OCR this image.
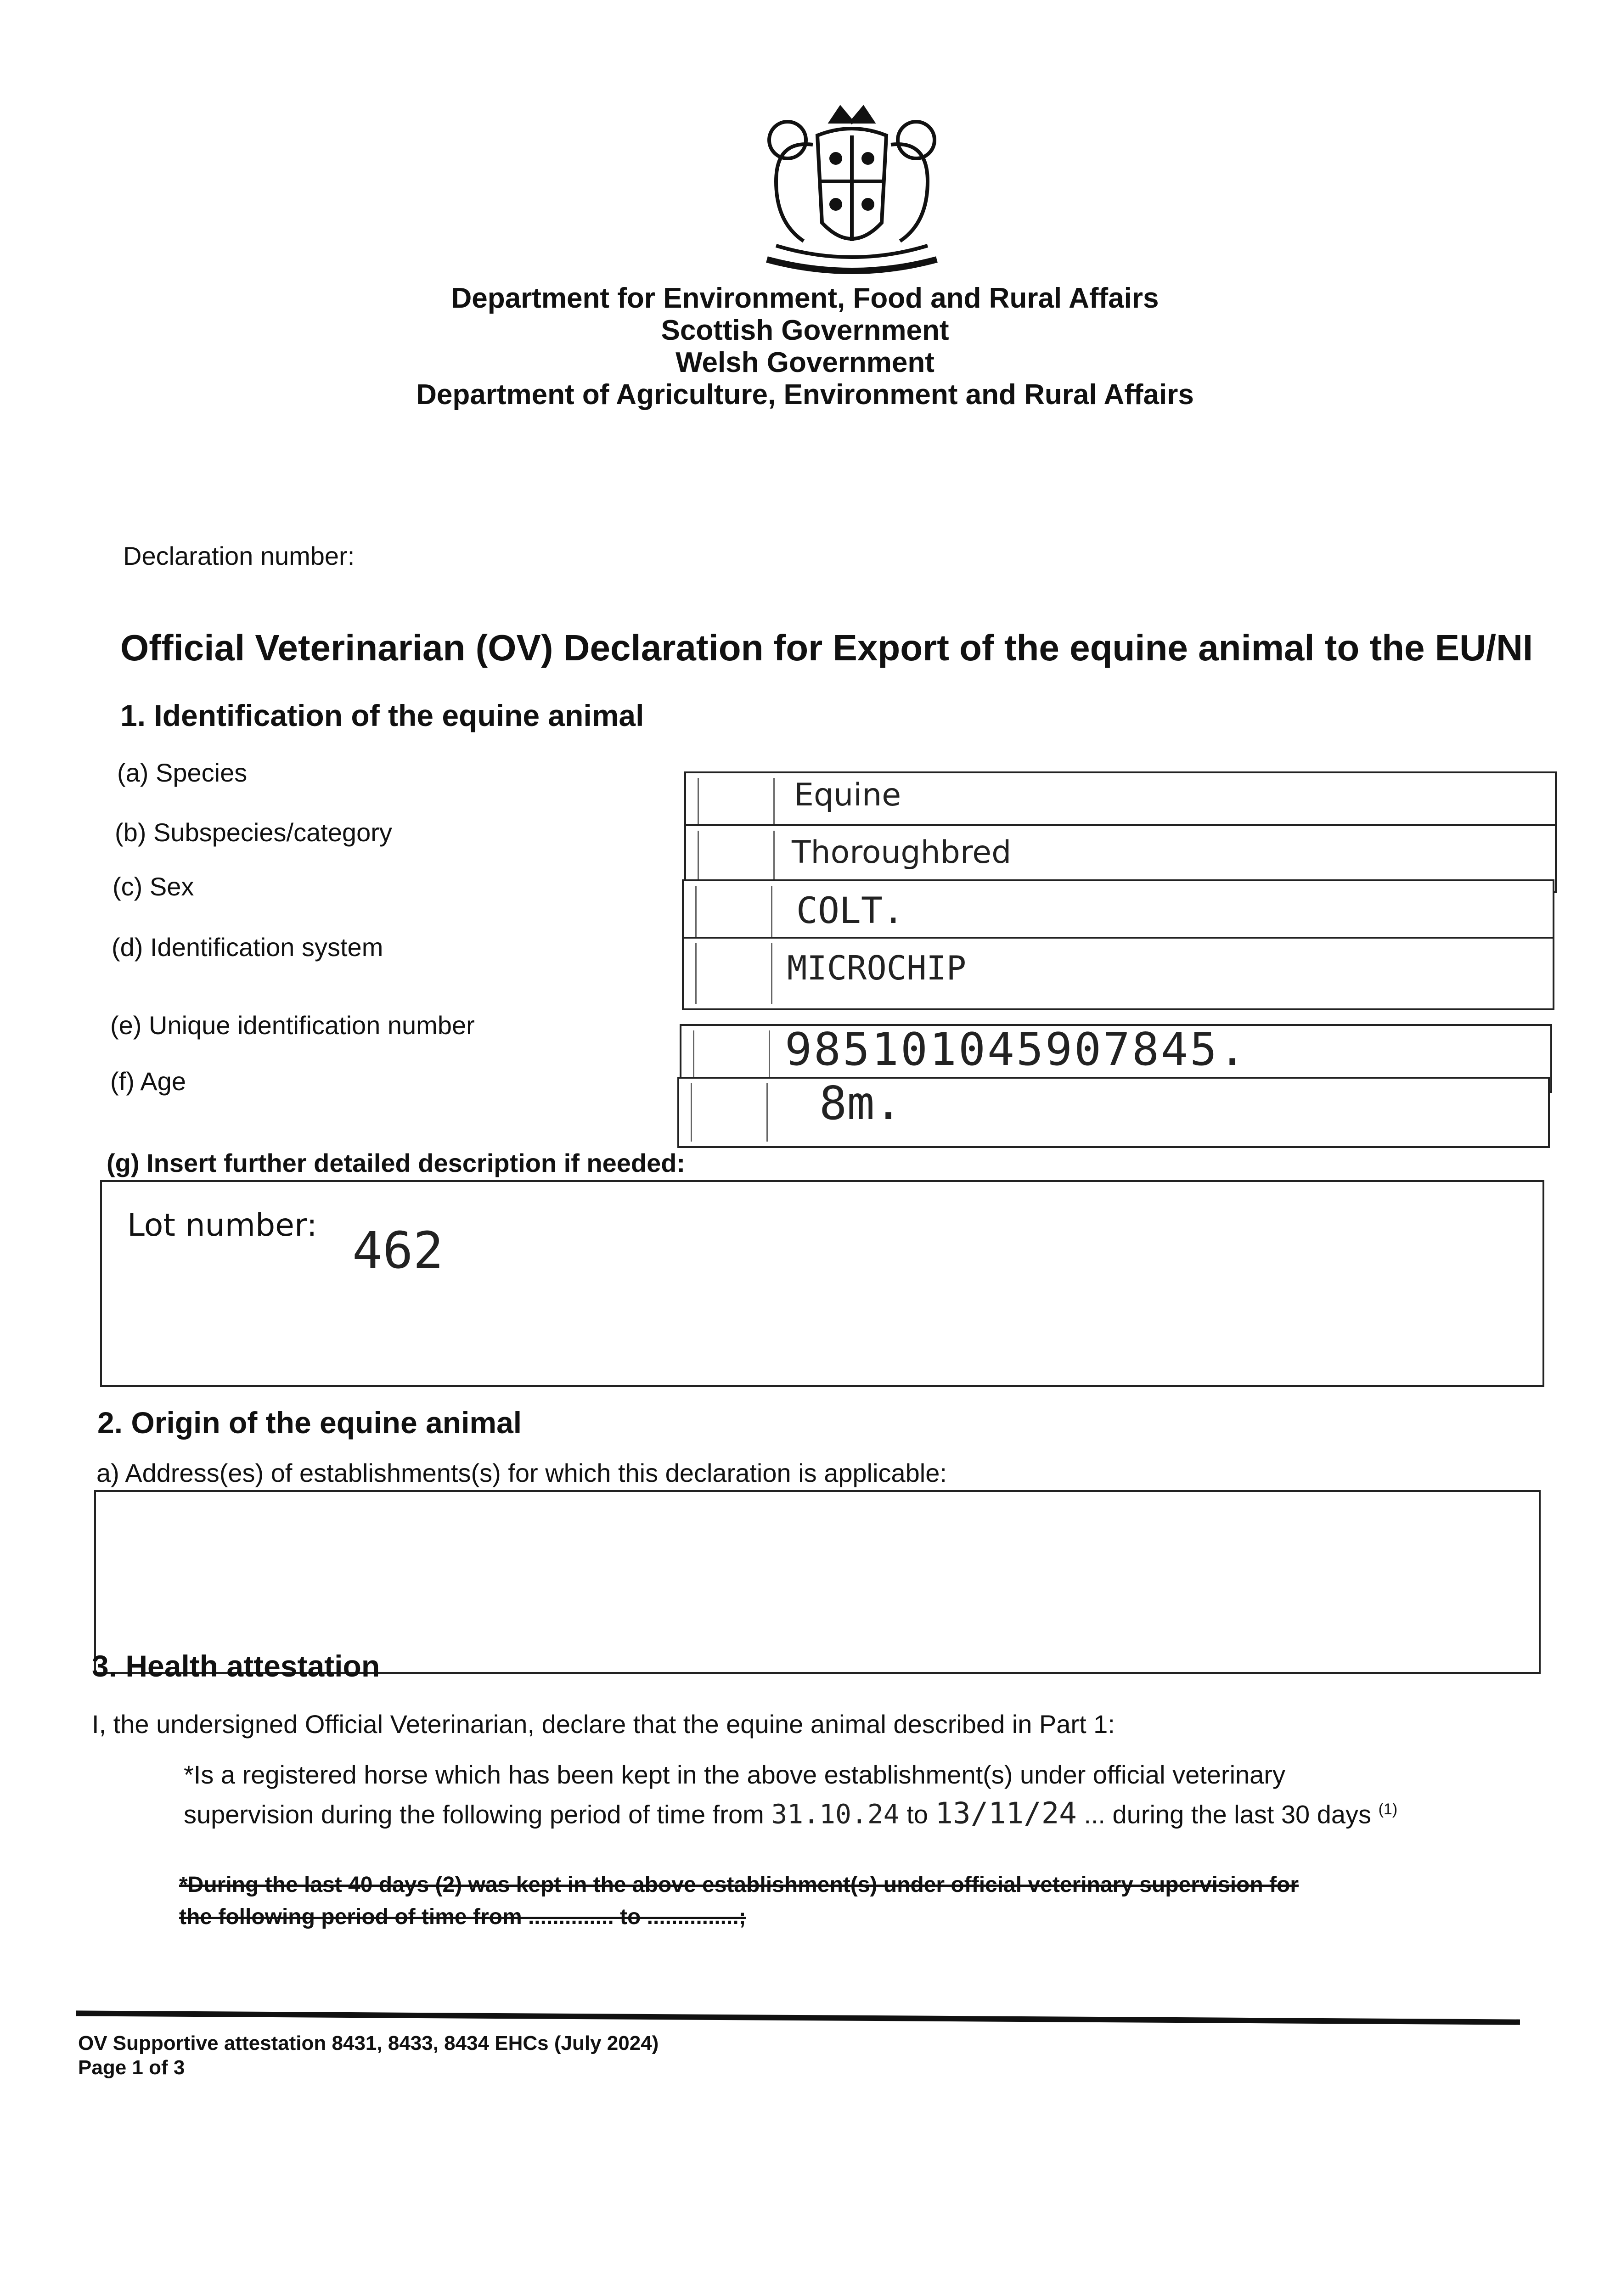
Department for Environment, Food and Rural Affairs
Scottish Government
Welsh Government
Department of Agriculture, Environment and Rural Affairs
Declaration number:
Official Veterinarian (OV) Declaration for Export of the equine animal to the EU/NI
1. Identification of the equine animal
(a) Species
(b) Subspecies/category
(c) Sex
(d) Identification system
(e) Unique identification number
(f) Age
Equine
Thoroughbred
COLT.
MICROCHIP
985101045907845.
8m.
(g) Insert further detailed description if needed:
Lot number: 462
2. Origin of the equine animal
a) Address(es) of establishments(s) for which this declaration is applicable:
3. Health attestation
I, the undersigned Official Veterinarian, declare that the equine animal described in Part 1:
*Is a registered horse which has been kept in the above establishment(s) under official veterinary
supervision during the following period of time from 31.10.24 to 13/11/24 ... during the last 30 days $^{(1)}$
*During the last 40 days (2) was kept in the above establishment(s) under official veterinary supervision for
the following period of time from .............. to ...............;
OV Supportive attestation 8431, 8433, 8434 EHCs (July 2024)
Page 1 of 3
